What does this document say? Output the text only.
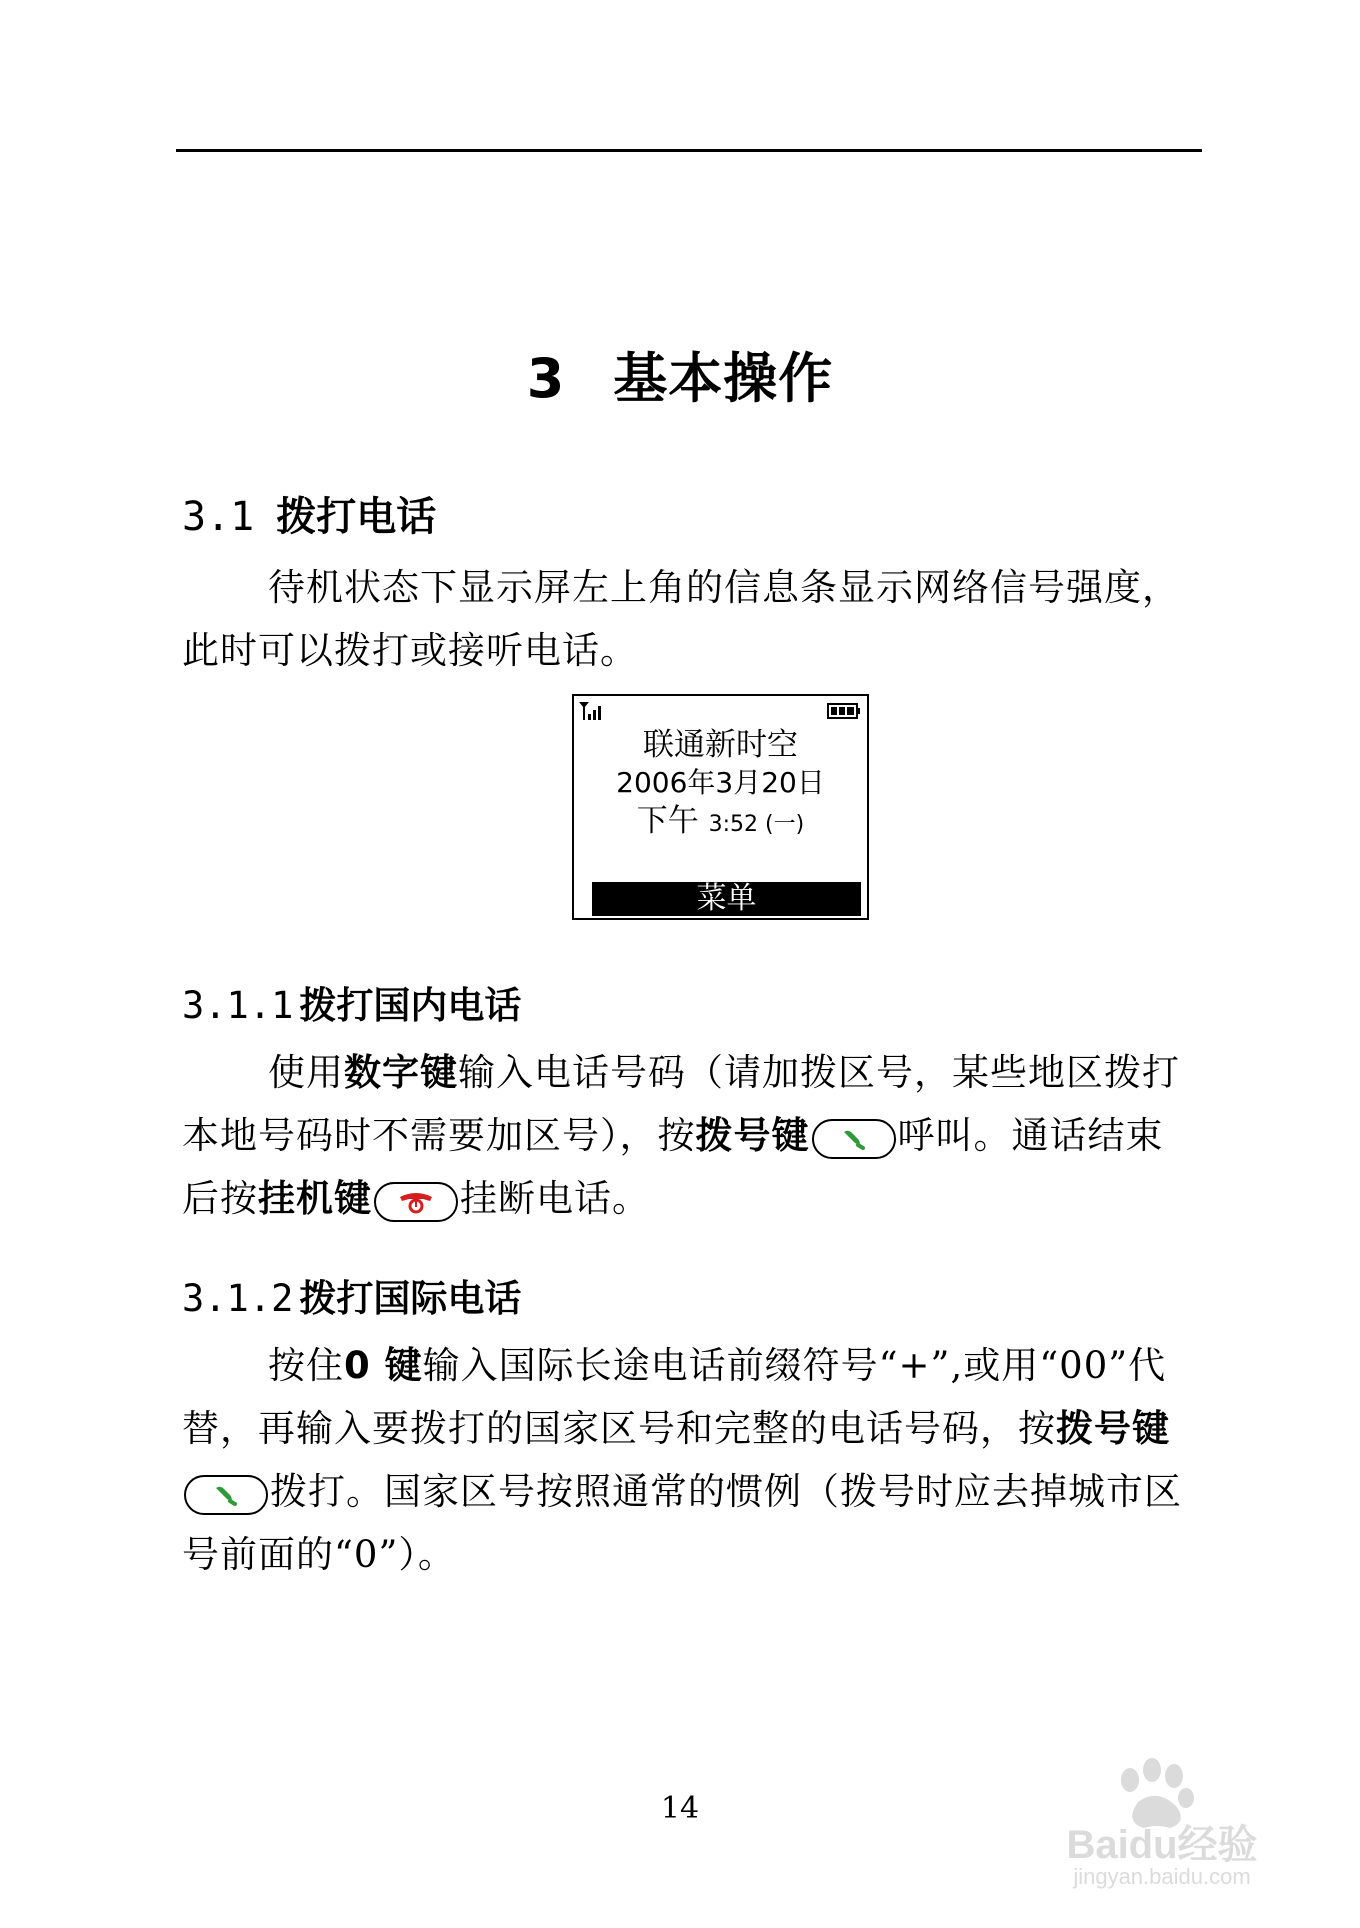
3 基本操作
3.1 拨打电话

待机状态下显示屏左上角的信息条显示网络信号强度，此时可以拨打或接听电话。

联通新时空
2006年3月20日
下午 3:52 (一)
菜单
3.1.1 拨打国内电话

使用数字键输入电话号码（请加拨区号，某些地区拨打本地号码时不需要加区号），按拨号键 呼叫。通话结束后按挂机键 挂断电话。

3.1.2 拨打国际电话

按住0 键输入国际长途电话前缀符号“+”,或用“00”代替，再输入要拨打的国家区号和完整的电话号码，按拨号键
拨打。国家区号按照通常的惯例（拨号时应去掉城市区号前面的“0”）。

14

Baidu经验
jingyan.baidu.com
